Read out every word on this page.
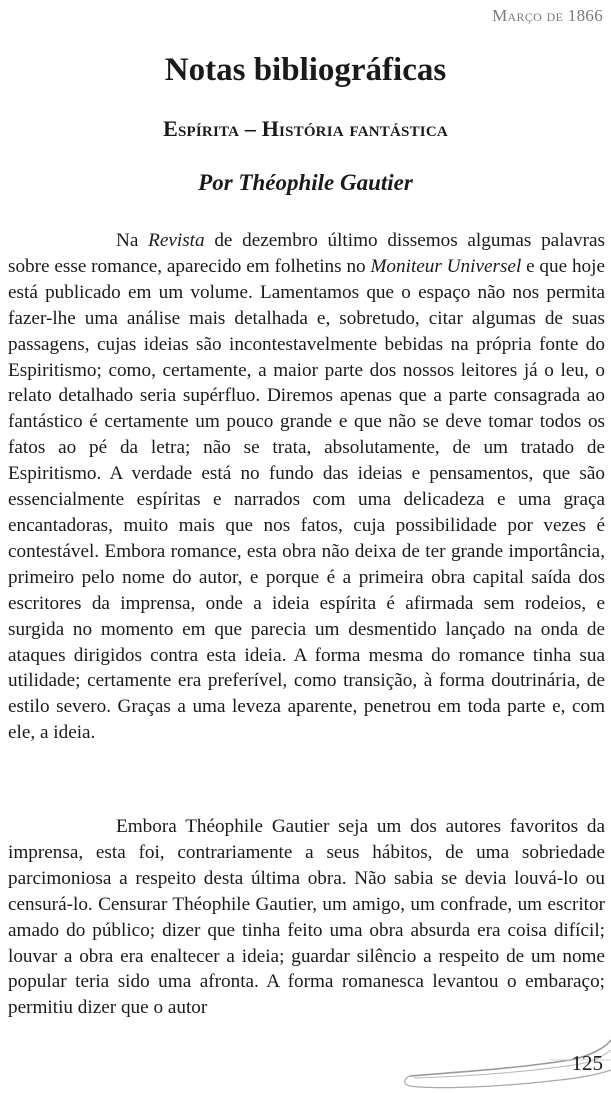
Março de 1866
Notas bibliográficas
Espírita – História fantástica
Por Théophile Gautier

Na Revista de dezembro último dissemos algumas palavras sobre esse romance, aparecido em folhetins no Moniteur Universel e que hoje está publicado em um volume. Lamentamos que o espaço não nos permita fazer-lhe uma análise mais detalhada e, sobretudo, citar algumas de suas passagens, cujas ideias são incontestavelmente bebidas na própria fonte do Espiritismo; como, certamente, a maior parte dos nossos leitores já o leu, o relato detalhado seria supérfluo. Diremos apenas que a parte consagrada ao fantástico é certamente um pouco grande e que não se deve tomar todos os fatos ao pé da letra; não se trata, absolutamente, de um tratado de Espiritismo. A verdade está no fundo das ideias e pensamentos, que são essencialmente espíritas e narrados com uma delicadeza e uma graça encantadoras, muito mais que nos fatos, cuja possibilidade por vezes é contestável. Embora romance, esta obra não deixa de ter grande importância, primeiro pelo nome do autor, e porque é a primeira obra capital saída dos escritores da imprensa, onde a ideia espírita é afirmada sem rodeios, e surgida no momento em que parecia um desmentido lançado na onda de ataques dirigidos contra esta ideia. A forma mesma do romance tinha sua utilidade; certamente era preferível, como transição, à forma doutrinária, de estilo severo. Graças a uma leveza aparente, penetrou em toda parte e, com ele, a ideia.

Embora Théophile Gautier seja um dos autores favoritos da imprensa, esta foi, contrariamente a seus hábitos, de uma sobriedade parcimoniosa a respeito desta última obra. Não sabia se devia louvá-lo ou censurá-lo. Censurar Théophile Gautier, um amigo, um confrade, um escritor amado do público; dizer que tinha feito uma obra absurda era coisa difícil; louvar a obra era enaltecer a ideia; guardar silêncio a respeito de um nome popular teria sido uma afronta. A forma romanesca levantou o embaraço; permitiu dizer que o autor

125
